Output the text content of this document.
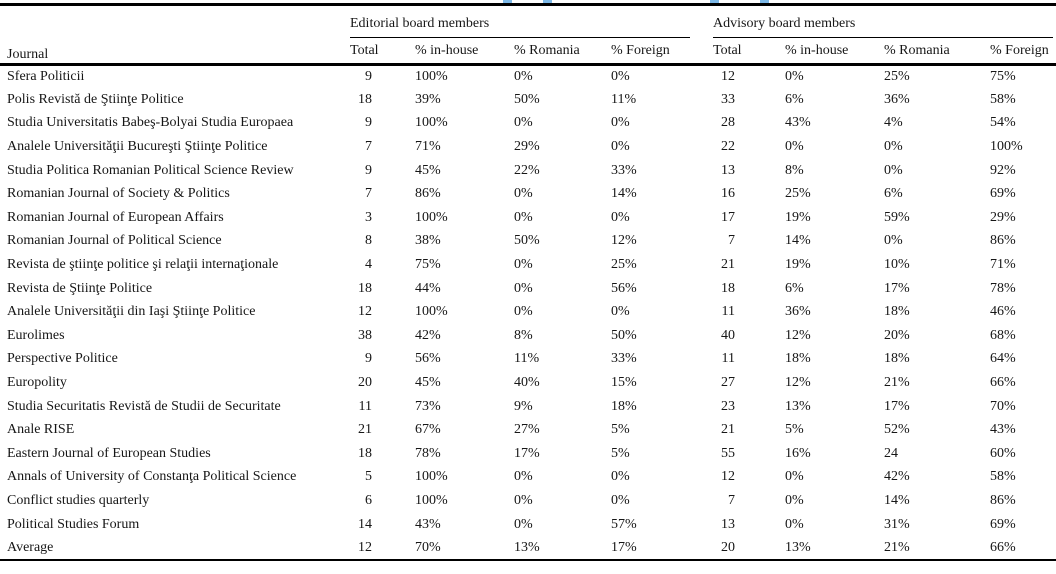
Journal	Editorial board members				Advisory board members			

	Total	% in-house	% Romania	% Foreign	Total	% in-house	% Romania	% Foreign
Sfera Politicii	9	100%	0%	0%	12	0%	25%	75%
Polis Revistă de Ştiinţe Politice	18	39%	50%	11%	33	6%	36%	58%
Studia Universitatis Babeş-Bolyai Studia Europaea	9	100%	0%	0%	28	43%	4%	54%
Analele Universităţii Bucureşti Ştiinţe Politice	7	71%	29%	0%	22	0%	0%	100%
Studia Politica Romanian Political Science Review	9	45%	22%	33%	13	8%	0%	92%
Romanian Journal of Society & Politics	7	86%	0%	14%	16	25%	6%	69%
Romanian Journal of European Affairs	3	100%	0%	0%	17	19%	59%	29%
Romanian Journal of Political Science	8	38%	50%	12%	7	14%	0%	86%
Revista de ştiinţe politice şi relaţii internaţionale	4	75%	0%	25%	21	19%	10%	71%
Revista de Ştiinţe Politice	18	44%	0%	56%	18	6%	17%	78%
Analele Universităţii din Iaşi Ştiinţe Politice	12	100%	0%	0%	11	36%	18%	46%
Eurolimes	38	42%	8%	50%	40	12%	20%	68%
Perspective Politice	9	56%	11%	33%	11	18%	18%	64%
Europolity	20	45%	40%	15%	27	12%	21%	66%
Studia Securitatis Revistă de Studii de Securitate	11	73%	9%	18%	23	13%	17%	70%
Anale RISE	21	67%	27%	5%	21	5%	52%	43%
Eastern Journal of European Studies	18	78%	17%	5%	55	16%	24	60%
Annals of University of Constanţa Political Science	5	100%	0%	0%	12	0%	42%	58%
Conflict studies quarterly	6	100%	0%	0%	7	0%	14%	86%
Political Studies Forum	14	43%	0%	57%	13	0%	31%	69%
Average	12	70%	13%	17%	20	13%	21%	66%
